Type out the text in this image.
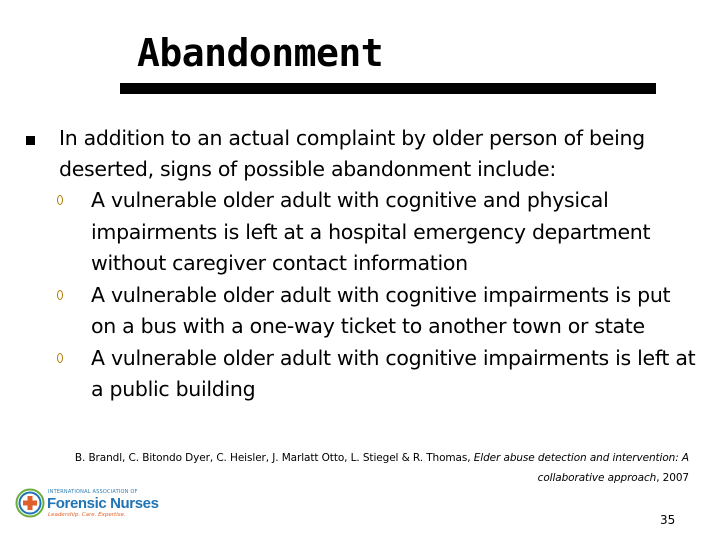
Abandonment
In addition to an actual complaint by older person of being deserted, signs of possible abandonment include:
A vulnerable older adult with cognitive and physical impairments is left at a hospital emergency department without caregiver contact information
A vulnerable older adult with cognitive impairments is put on a bus with a one-way ticket to another town or state
A vulnerable older adult with cognitive impairments is left at a public building
B. Brandl, C. Bitondo Dyer, C. Heisler, J. Marlatt Otto, L. Stiegel & R. Thomas, Elder abuse detection and intervention: A collaborative approach, 2007
INTERNATIONAL ASSOCIATION OF
Forensic Nurses
Leadership. Care. Expertise.	35
